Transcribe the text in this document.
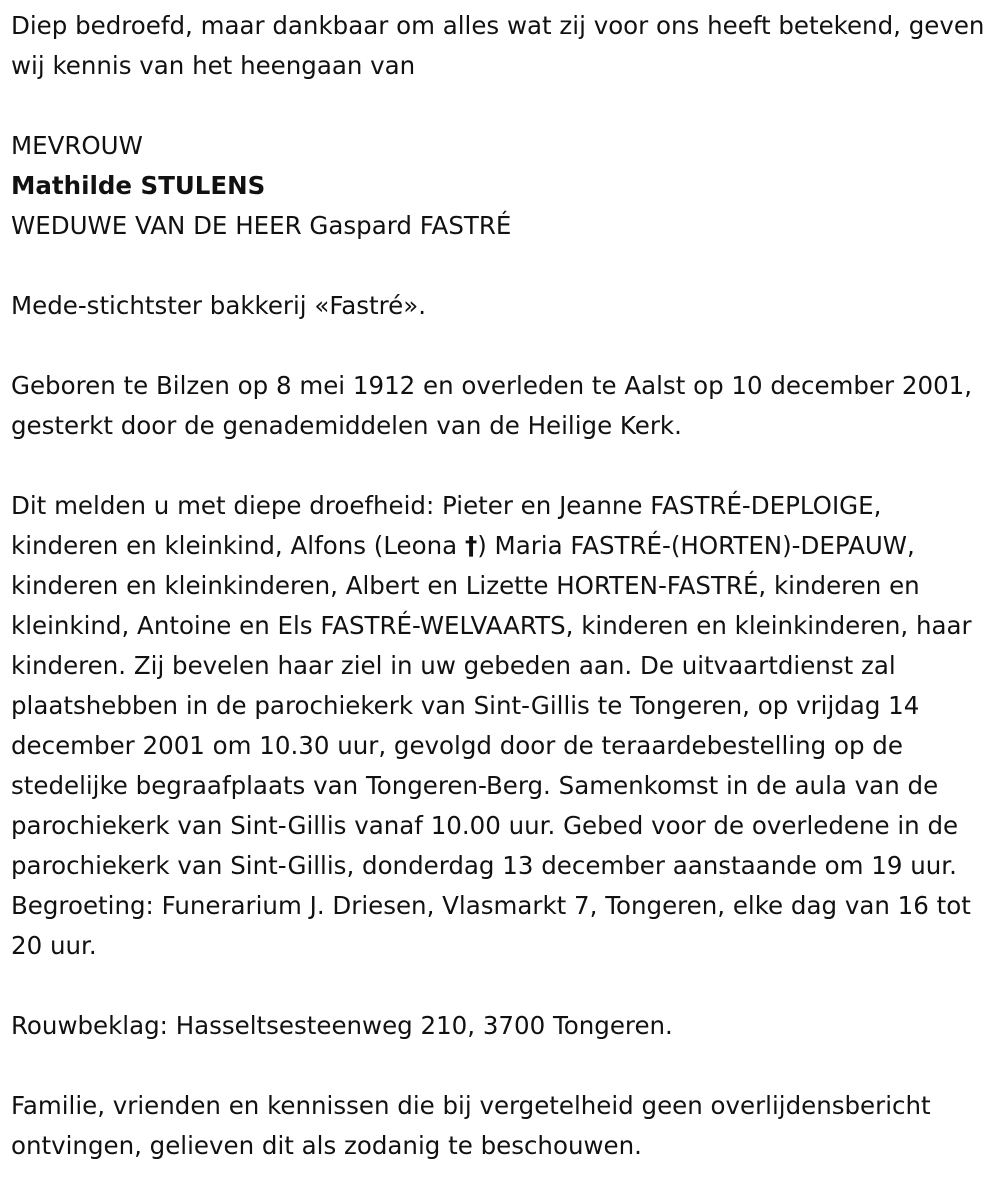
Diep bedroefd, maar dankbaar om alles wat zij voor ons heeft betekend, geven wij kennis van het heengaan van

MEVROUW

Mathilde STULENS

WEDUWE VAN DE HEER Gaspard FASTRÉ

Mede-stichtster bakkerij «Fastré».

Geboren te Bilzen op 8 mei 1912 en overleden te Aalst op 10 december 2001, gesterkt door de genademiddelen van de Heilige Kerk.

Dit melden u met diepe droefheid: Pieter en Jeanne FASTRÉ-DEPLOIGE, kinderen en kleinkind, Alfons (Leona †) Maria FASTRÉ-(HORTEN)-DEPAUW, kinderen en kleinkinderen, Albert en Lizette HORTEN-FASTRÉ, kinderen en kleinkind, Antoine en Els FASTRÉ-WELVAARTS, kinderen en kleinkinderen, haar kinderen. Zij bevelen haar ziel in uw gebeden aan. De uitvaartdienst zal plaatshebben in de parochiekerk van Sint-Gillis te Tongeren, op vrijdag 14 december 2001 om 10.30 uur, gevolgd door de teraardebestelling op de stedelijke begraafplaats van Tongeren-Berg. Samenkomst in de aula van de parochiekerk van Sint-Gillis vanaf 10.00 uur. Gebed voor de overledene in de parochiekerk van Sint-Gillis, donderdag 13 december aanstaande om 19 uur. Begroeting: Funerarium J. Driesen, Vlasmarkt 7, Tongeren, elke dag van 16 tot 20 uur.

Rouwbeklag: Hasseltsesteenweg 210, 3700 Tongeren.

Familie, vrienden en kennissen die bij vergetelheid geen overlijdensbericht ontvingen, gelieven dit als zodanig te beschouwen.
